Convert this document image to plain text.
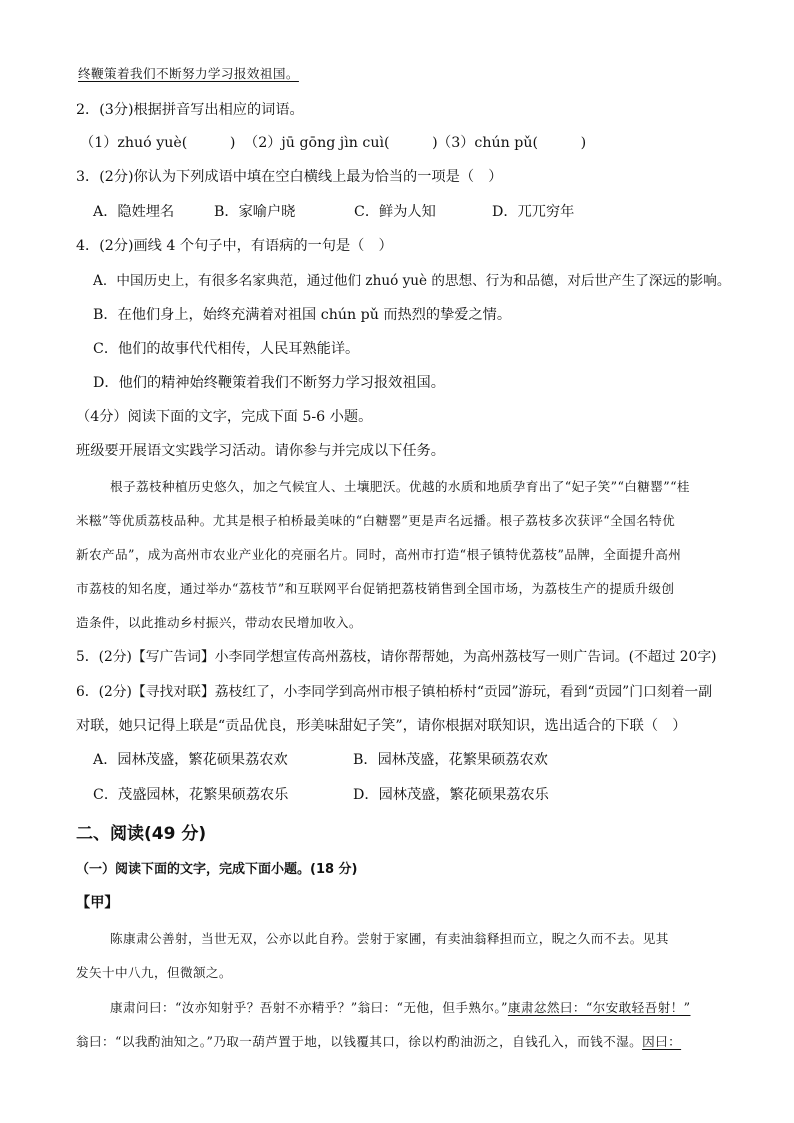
终鞭策着我们不断努力学习报效祖国。
2．(3分)根据拼音写出相应的词语。
（1）zhuó yuè(　　　) （2）jū gōng jìn cuì(　　　) （3）chún pǔ(　　　)
3．(2分)你认为下列成语中填在空白横线上最为恰当的一项是（　）
A．隐姓埋名	B．家喻户晓	C．鲜为人知	D．兀兀穷年
4．(2分)画线 4 个句子中，有语病的一句是（　）
A．中国历史上，有很多名家典范，通过他们 zhuó yuè 的思想、行为和品德，对后世产生了深远的影响。
B．在他们身上，始终充满着对祖国 chún pǔ 而热烈的挚爱之情。
C．他们的故事代代相传，人民耳熟能详。
D．他们的精神始终鞭策着我们不断努力学习报效祖国。
（4分）阅读下面的文字，完成下面 5-6 小题。
班级要开展语文实践学习活动。请你参与并完成以下任务。
根子荔枝种植历史悠久，加之气候宜人、土壤肥沃。优越的水质和地质孕育出了“妃子笑”“白糖罂”“桂
米糍”等优质荔枝品种。尤其是根子柏桥最美味的“白糖罂”更是声名远播。根子荔枝多次获评“全国名特优
新农产品”，成为高州市农业产业化的亮丽名片。同时，高州市打造“根子镇特优荔枝”品牌，全面提升高州
市荔枝的知名度，通过举办“荔枝节”和互联网平台促销把荔枝销售到全国市场，为荔枝生产的提质升级创
造条件，以此推动乡村振兴，带动农民增加收入。
5．(2分)【写广告词】小李同学想宣传高州荔枝，请你帮帮她，为高州荔枝写一则广告词。(不超过 20字)
6．(2分)【寻找对联】荔枝红了，小李同学到高州市根子镇柏桥村“贡园”游玩，看到“贡园”门口刻着一副
对联，她只记得上联是“贡品优良，形美味甜妃子笑”，请你根据对联知识，选出适合的下联（　）
A．园林茂盛，繁花硕果荔农欢	B．园林茂盛，花繁果硕荔农欢
C．茂盛园林，花繁果硕荔农乐	D．园林茂盛，繁花硕果荔农乐
二、阅读(49 分)
（一）阅读下面的文字，完成下面小题。(18 分)
【甲】
陈康肃公善射，当世无双，公亦以此自矜。尝射于家圃，有卖油翁释担而立，睨之久而不去。见其
发矢十中八九，但微颔之。
康肃问曰：“汝亦知射乎？吾射不亦精乎？”翁曰：“无他，但手熟尔。”康肃忿然曰：“尔安敢轻吾射！”
翁曰：“以我酌油知之。”乃取一葫芦置于地，以钱覆其口，徐以杓酌油沥之，自钱孔入，而钱不湿。因曰：
